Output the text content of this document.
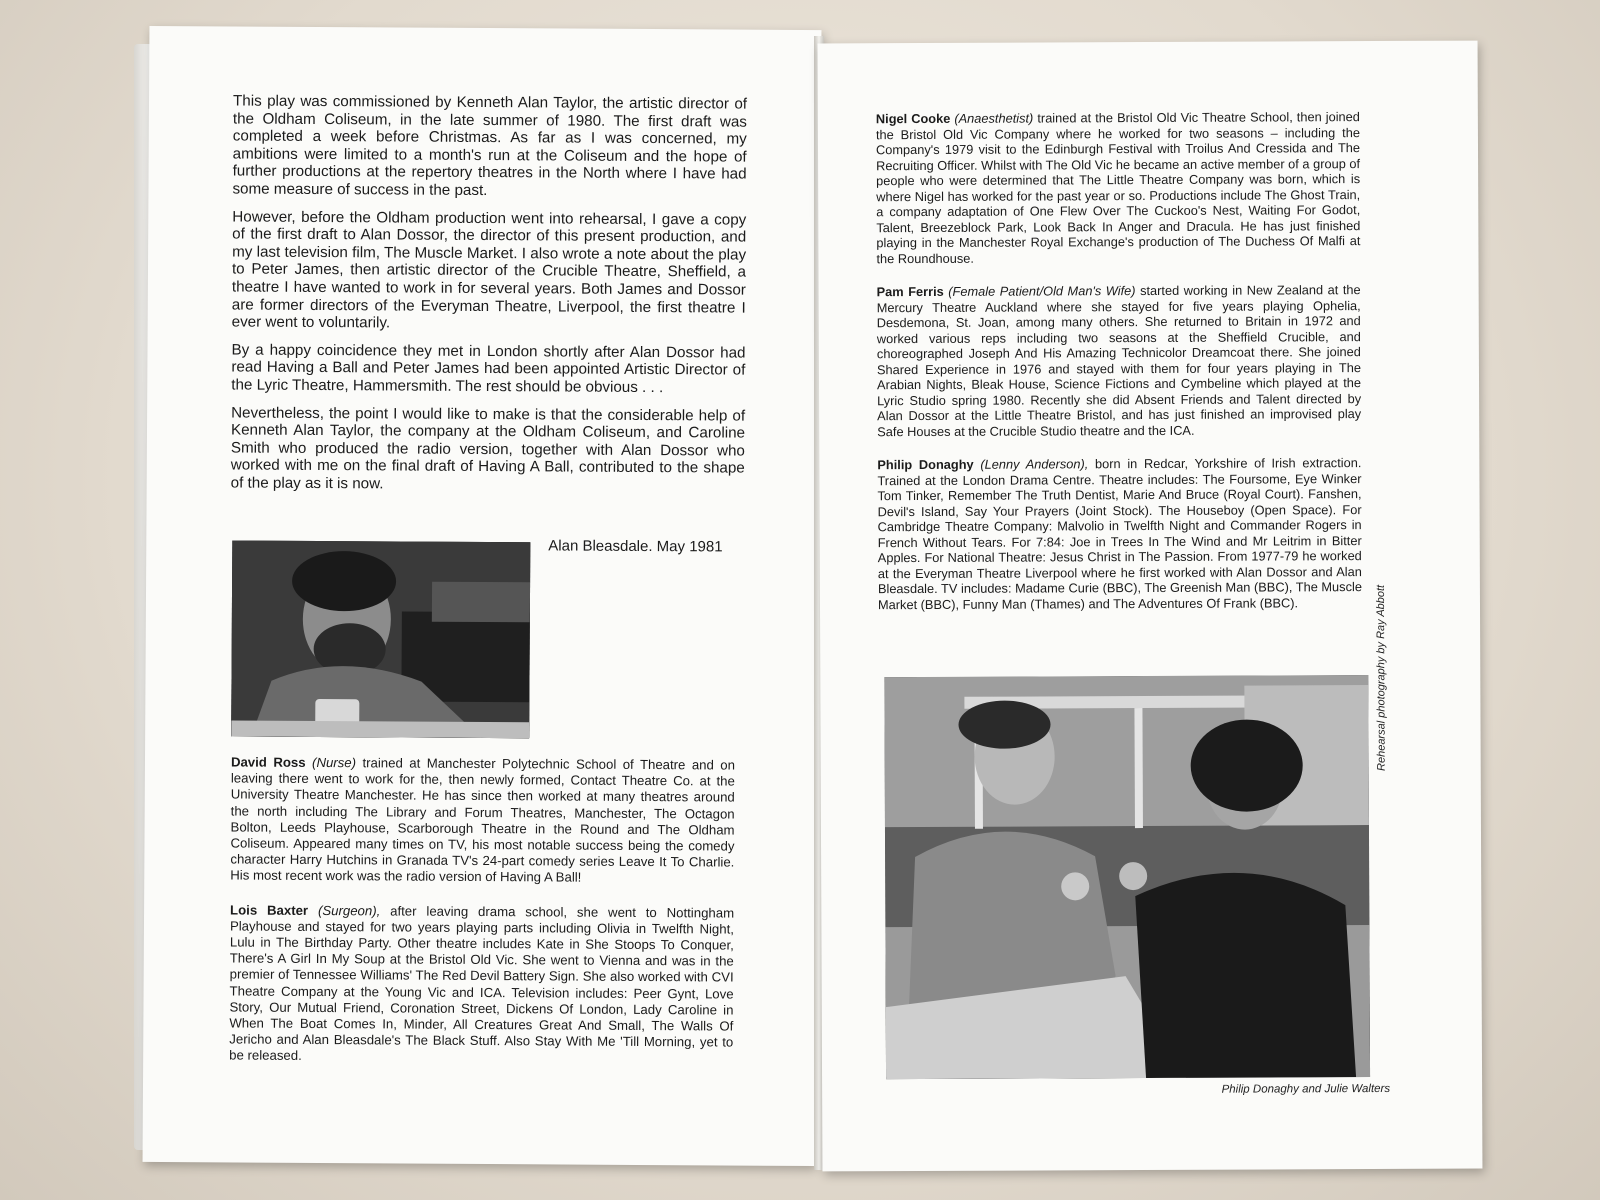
This play was commissioned by Kenneth Alan Taylor, the artistic director of the Oldham Coliseum, in the late summer of 1980. The first draft was completed a week before Christmas. As far as I was concerned, my ambitions were limited to a month's run at the Coliseum and the hope of further productions at the repertory theatres in the North where I have had some measure of success in the past.

However, before the Oldham production went into rehearsal, I gave a copy of the first draft to Alan Dossor, the director of this present production, and my last television film, The Muscle Market. I also wrote a note about the play to Peter James, then artistic director of the Crucible Theatre, Sheffield, a theatre I have wanted to work in for several years. Both James and Dossor are former directors of the Everyman Theatre, Liverpool, the first theatre I ever went to voluntarily.

By a happy coincidence they met in London shortly after Alan Dossor had read Having a Ball and Peter James had been appointed Artistic Director of the Lyric Theatre, Hammersmith. The rest should be obvious . . .

Nevertheless, the point I would like to make is that the considerable help of Kenneth Alan Taylor, the company at the Oldham Coliseum, and Caroline Smith who produced the radio version, together with Alan Dossor who worked with me on the final draft of Having A Ball, contributed to the shape of the play as it is now.

Alan Bleasdale. May 1981

David Ross (Nurse) trained at Manchester Polytechnic School of Theatre and on leaving there went to work for the, then newly formed, Contact Theatre Co. at the University Theatre Manchester. He has since then worked at many theatres around the north including The Library and Forum Theatres, Manchester, The Octagon Bolton, Leeds Playhouse, Scarborough Theatre in the Round and The Oldham Coliseum. Appeared many times on TV, his most notable success being the comedy character Harry Hutchins in Granada TV's 24-part comedy series Leave It To Charlie. His most recent work was the radio version of Having A Ball!

Lois Baxter (Surgeon), after leaving drama school, she went to Nottingham Playhouse and stayed for two years playing parts including Olivia in Twelfth Night, Lulu in The Birthday Party. Other theatre includes Kate in She Stoops To Conquer, There's A Girl In My Soup at the Bristol Old Vic. She went to Vienna and was in the premier of Tennessee Williams' The Red Devil Battery Sign. She also worked with CVI Theatre Company at the Young Vic and ICA. Television includes: Peer Gynt, Love Story, Our Mutual Friend, Coronation Street, Dickens Of London, Lady Caroline in When The Boat Comes In, Minder, All Creatures Great And Small, The Walls Of Jericho and Alan Bleasdale's The Black Stuff. Also Stay With Me 'Till Morning, yet to be released.

Nigel Cooke (Anaesthetist) trained at the Bristol Old Vic Theatre School, then joined the Bristol Old Vic Company where he worked for two seasons – including the Company's 1979 visit to the Edinburgh Festival with Troilus And Cressida and The Recruiting Officer. Whilst with The Old Vic he became an active member of a group of people who were determined that The Little Theatre Company was born, which is where Nigel has worked for the past year or so. Productions include The Ghost Train, a company adaptation of One Flew Over The Cuckoo's Nest, Waiting For Godot, Talent, Breezeblock Park, Look Back In Anger and Dracula. He has just finished playing in the Manchester Royal Exchange's production of The Duchess Of Malfi at the Roundhouse.

Pam Ferris (Female Patient/Old Man's Wife) started working in New Zealand at the Mercury Theatre Auckland where she stayed for five years playing Ophelia, Desdemona, St. Joan, among many others. She returned to Britain in 1972 and worked various reps including two seasons at the Sheffield Crucible, and choreographed Joseph And His Amazing Technicolor Dreamcoat there. She joined Shared Experience in 1976 and stayed with them for four years playing in The Arabian Nights, Bleak House, Science Fictions and Cymbeline which played at the Lyric Studio spring 1980. Recently she did Absent Friends and Talent directed by Alan Dossor at the Little Theatre Bristol, and has just finished an improvised play Safe Houses at the Crucible Studio theatre and the ICA.

Philip Donaghy (Lenny Anderson), born in Redcar, Yorkshire of Irish extraction. Trained at the London Drama Centre. Theatre includes: The Foursome, Eye Winker Tom Tinker, Remember The Truth Dentist, Marie And Bruce (Royal Court). Fanshen, Devil's Island, Say Your Prayers (Joint Stock). The Houseboy (Open Space). For Cambridge Theatre Company: Malvolio in Twelfth Night and Commander Rogers in French Without Tears. For 7:84: Joe in Trees In The Wind and Mr Leitrim in Bitter Apples. For National Theatre: Jesus Christ in The Passion. From 1977-79 he worked at the Everyman Theatre Liverpool where he first worked with Alan Dossor and Alan Bleasdale. TV includes: Madame Curie (BBC), The Greenish Man (BBC), The Muscle Market (BBC), Funny Man (Thames) and The Adventures Of Frank (BBC).	Rehearsal photography by Ray Abbott
Philip Donaghy and Julie Walters
